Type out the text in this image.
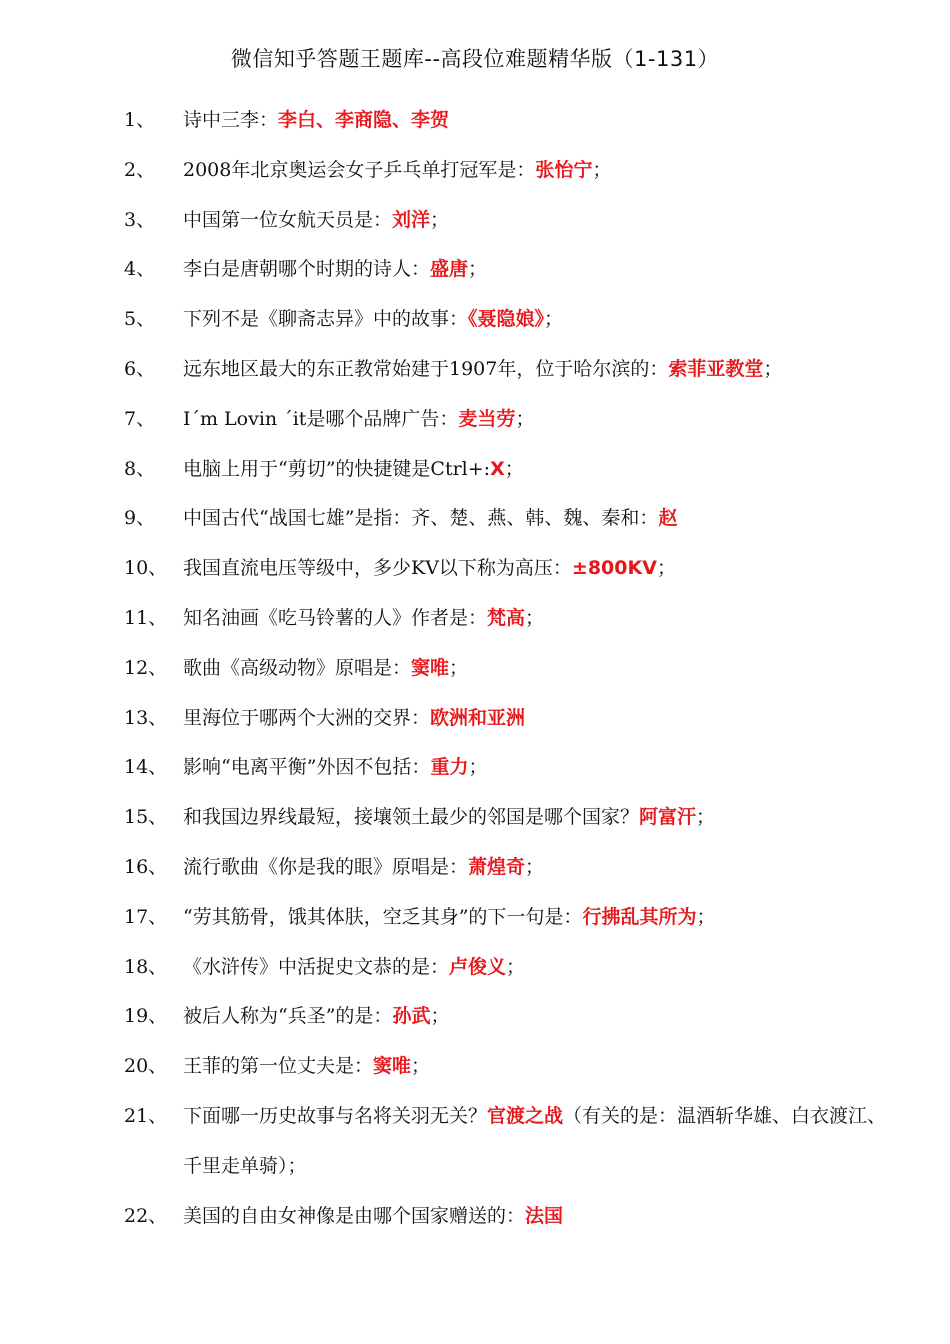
微信知乎答题王题库--高段位难题精华版（1-131）
1、	诗中三李：李白、李商隐、李贺
2、	2008年北京奥运会女子乒乓单打冠军是：张怡宁；
3、	中国第一位女航天员是：刘洋；
4、	李白是唐朝哪个时期的诗人：盛唐；
5、	下列不是《聊斋志异》中的故事：《聂隐娘》；
6、	远东地区最大的东正教常始建于1907年，位于哈尔滨的：索菲亚教堂；
7、	I´m Lovin ´it是哪个品牌广告：麦当劳；
8、	电脑上用于“剪切”的快捷键是Ctrl+:X；
9、	中国古代“战国七雄”是指：齐、楚、燕、韩、魏、秦和：赵
10、 我国直流电压等级中，多少KV以下称为高压：±800KV；
11、 知名油画《吃马铃薯的人》作者是：梵高；
12、 歌曲《高级动物》原唱是：窦唯；
13、 里海位于哪两个大洲的交界：欧洲和亚洲
14、 影响“电离平衡”外因不包括：重力；
15、 和我国边界线最短，接壤领土最少的邻国是哪个国家？阿富汗；
16、 流行歌曲《你是我的眼》原唱是：萧煌奇；
17、 “劳其筋骨，饿其体肤，空乏其身”的下一句是：行拂乱其所为；
18、 《水浒传》中活捉史文恭的是：卢俊义；
19、 被后人称为“兵圣”的是：孙武；
20、 王菲的第一位丈夫是：窦唯；
21、 下面哪一历史故事与名将关羽无关？官渡之战（有关的是：温酒斩华雄、白衣渡江、千里走单骑）；
22、 美国的自由女神像是由哪个国家赠送的：法国
